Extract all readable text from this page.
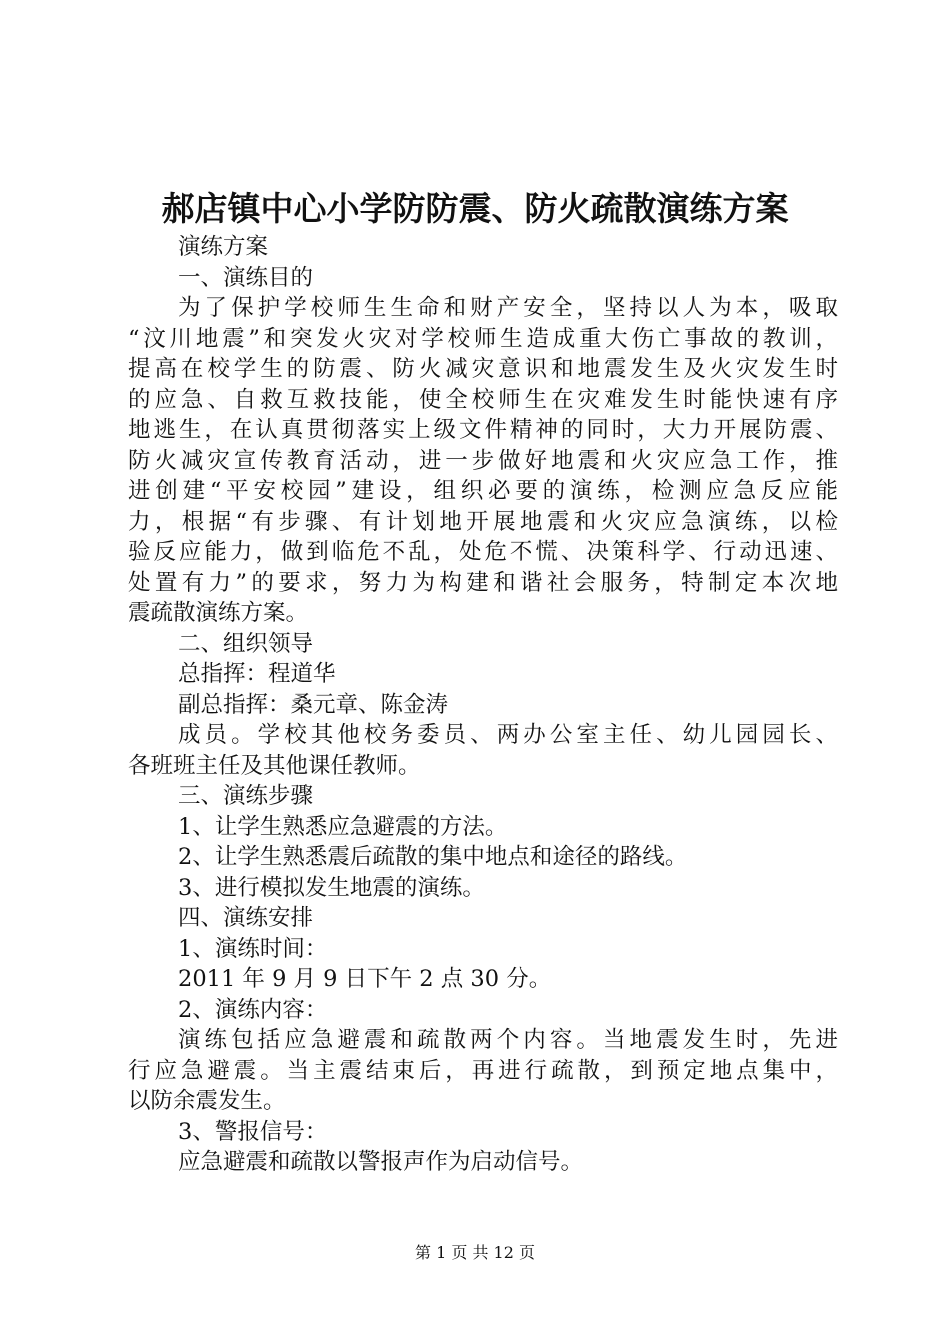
郝店镇中心小学防防震、防火疏散演练方案
演练方案
一、演练目的
为了保护学校师生生命和财产安全，坚持以人为本，吸取
“汶川地震”和突发火灾对学校师生造成重大伤亡事故的教训，
提高在校学生的防震、防火减灾意识和地震发生及火灾发生时
的应急、自救互救技能，使全校师生在灾难发生时能快速有序
地逃生，在认真贯彻落实上级文件精神的同时，大力开展防震、
防火减灾宣传教育活动，进一步做好地震和火灾应急工作，推
进创建“平安校园”建设，组织必要的演练，检测应急反应能
力，根据“有步骤、有计划地开展地震和火灾应急演练，以检
验反应能力，做到临危不乱，处危不慌、决策科学、行动迅速、
处置有力”的要求，努力为构建和谐社会服务，特制定本次地
震疏散演练方案。
二、组织领导
总指挥：程道华
副总指挥：桑元章、陈金涛
成员。学校其他校务委员、两办公室主任、幼儿园园长、
各班班主任及其他课任教师。
三、演练步骤
1、让学生熟悉应急避震的方法。
2、让学生熟悉震后疏散的集中地点和途径的路线。
3、进行模拟发生地震的演练。
四、演练安排
1、演练时间：
2011 年 9 月 9 日下午 2 点 30 分。
2、演练内容：
演练包括应急避震和疏散两个内容。当地震发生时，先进
行应急避震。当主震结束后，再进行疏散，到预定地点集中，
以防余震发生。
3、警报信号：
应急避震和疏散以警报声作为启动信号。
第 1 页 共 12 页
